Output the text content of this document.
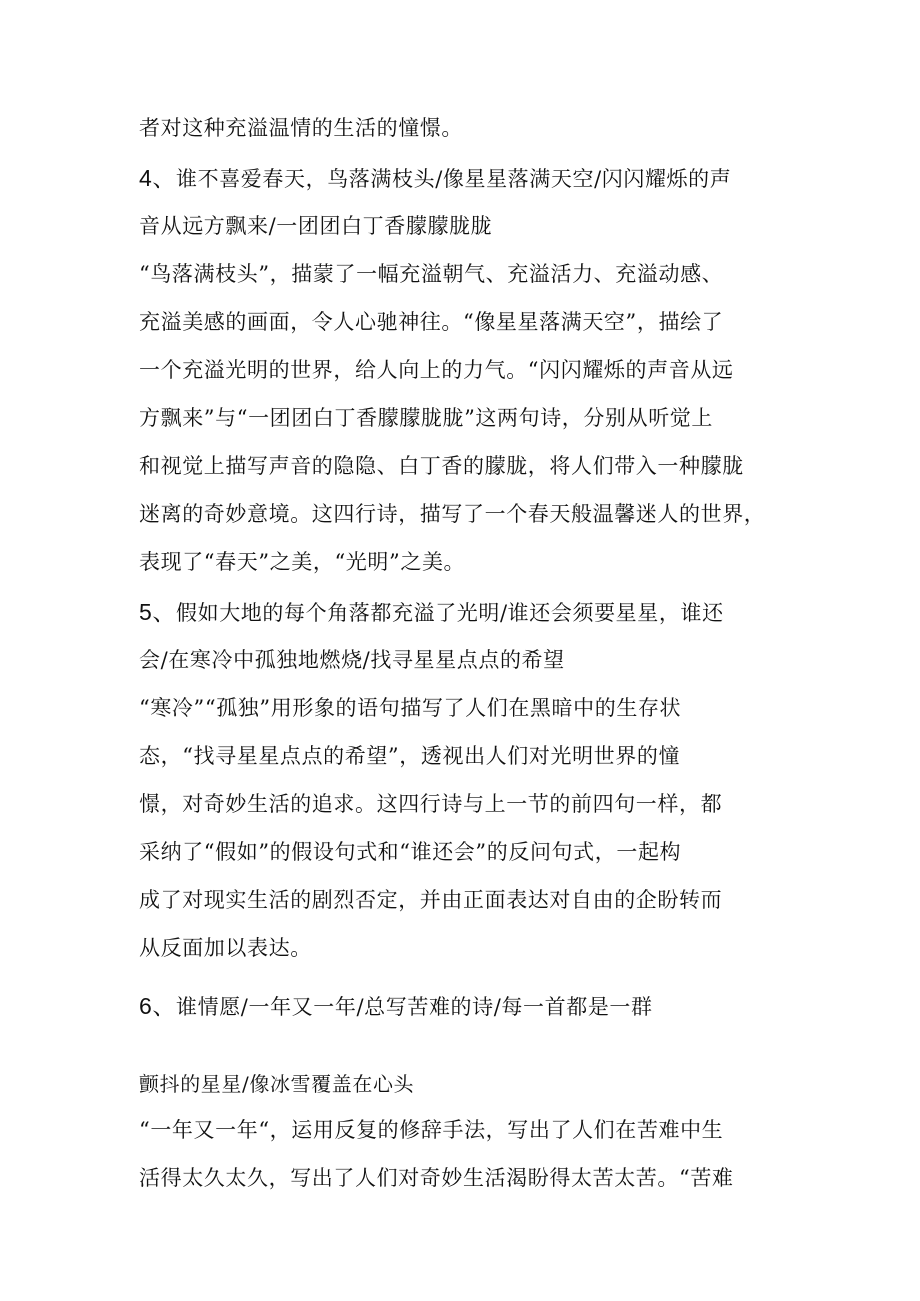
者对这种充溢温情的生活的憧憬。

4、谁不喜爱春天，鸟落满枝头/像星星落满天空/闪闪耀烁的声

音从远方飘来/一团团白丁香朦朦胧胧

“鸟落满枝头”，描蒙了一幅充溢朝气、充溢活力、充溢动感、

充溢美感的画面，令人心驰神往。“像星星落满天空”，描绘了

一个充溢光明的世界，给人向上的力气。“闪闪耀烁的声音从远

方飘来”与“一团团白丁香朦朦胧胧”这两句诗，分别从听觉上

和视觉上描写声音的隐隐、白丁香的朦胧，将人们带入一种朦胧

迷离的奇妙意境。这四行诗，描写了一个春天般温馨迷人的世界，

表现了“春天”之美，“光明”之美。

5、假如大地的每个角落都充溢了光明/谁还会须要星星，谁还

会/在寒冷中孤独地燃烧/找寻星星点点的希望

“寒冷”“孤独”用形象的语句描写了人们在黑暗中的生存状

态，“找寻星星点点的希望”，透视出人们对光明世界的憧

憬，对奇妙生活的追求。这四行诗与上一节的前四句一样，都

采纳了“假如”的假设句式和“谁还会”的反问句式，一起构

成了对现实生活的剧烈否定，并由正面表达对自由的企盼转而

从反面加以表达。

6、谁情愿/一年又一年/总写苦难的诗/每一首都是一群

颤抖的星星/像冰雪覆盖在心头

“一年又一年“，运用反复的修辞手法，写出了人们在苦难中生

活得太久太久，写出了人们对奇妙生活渴盼得太苦太苦。“苦难
